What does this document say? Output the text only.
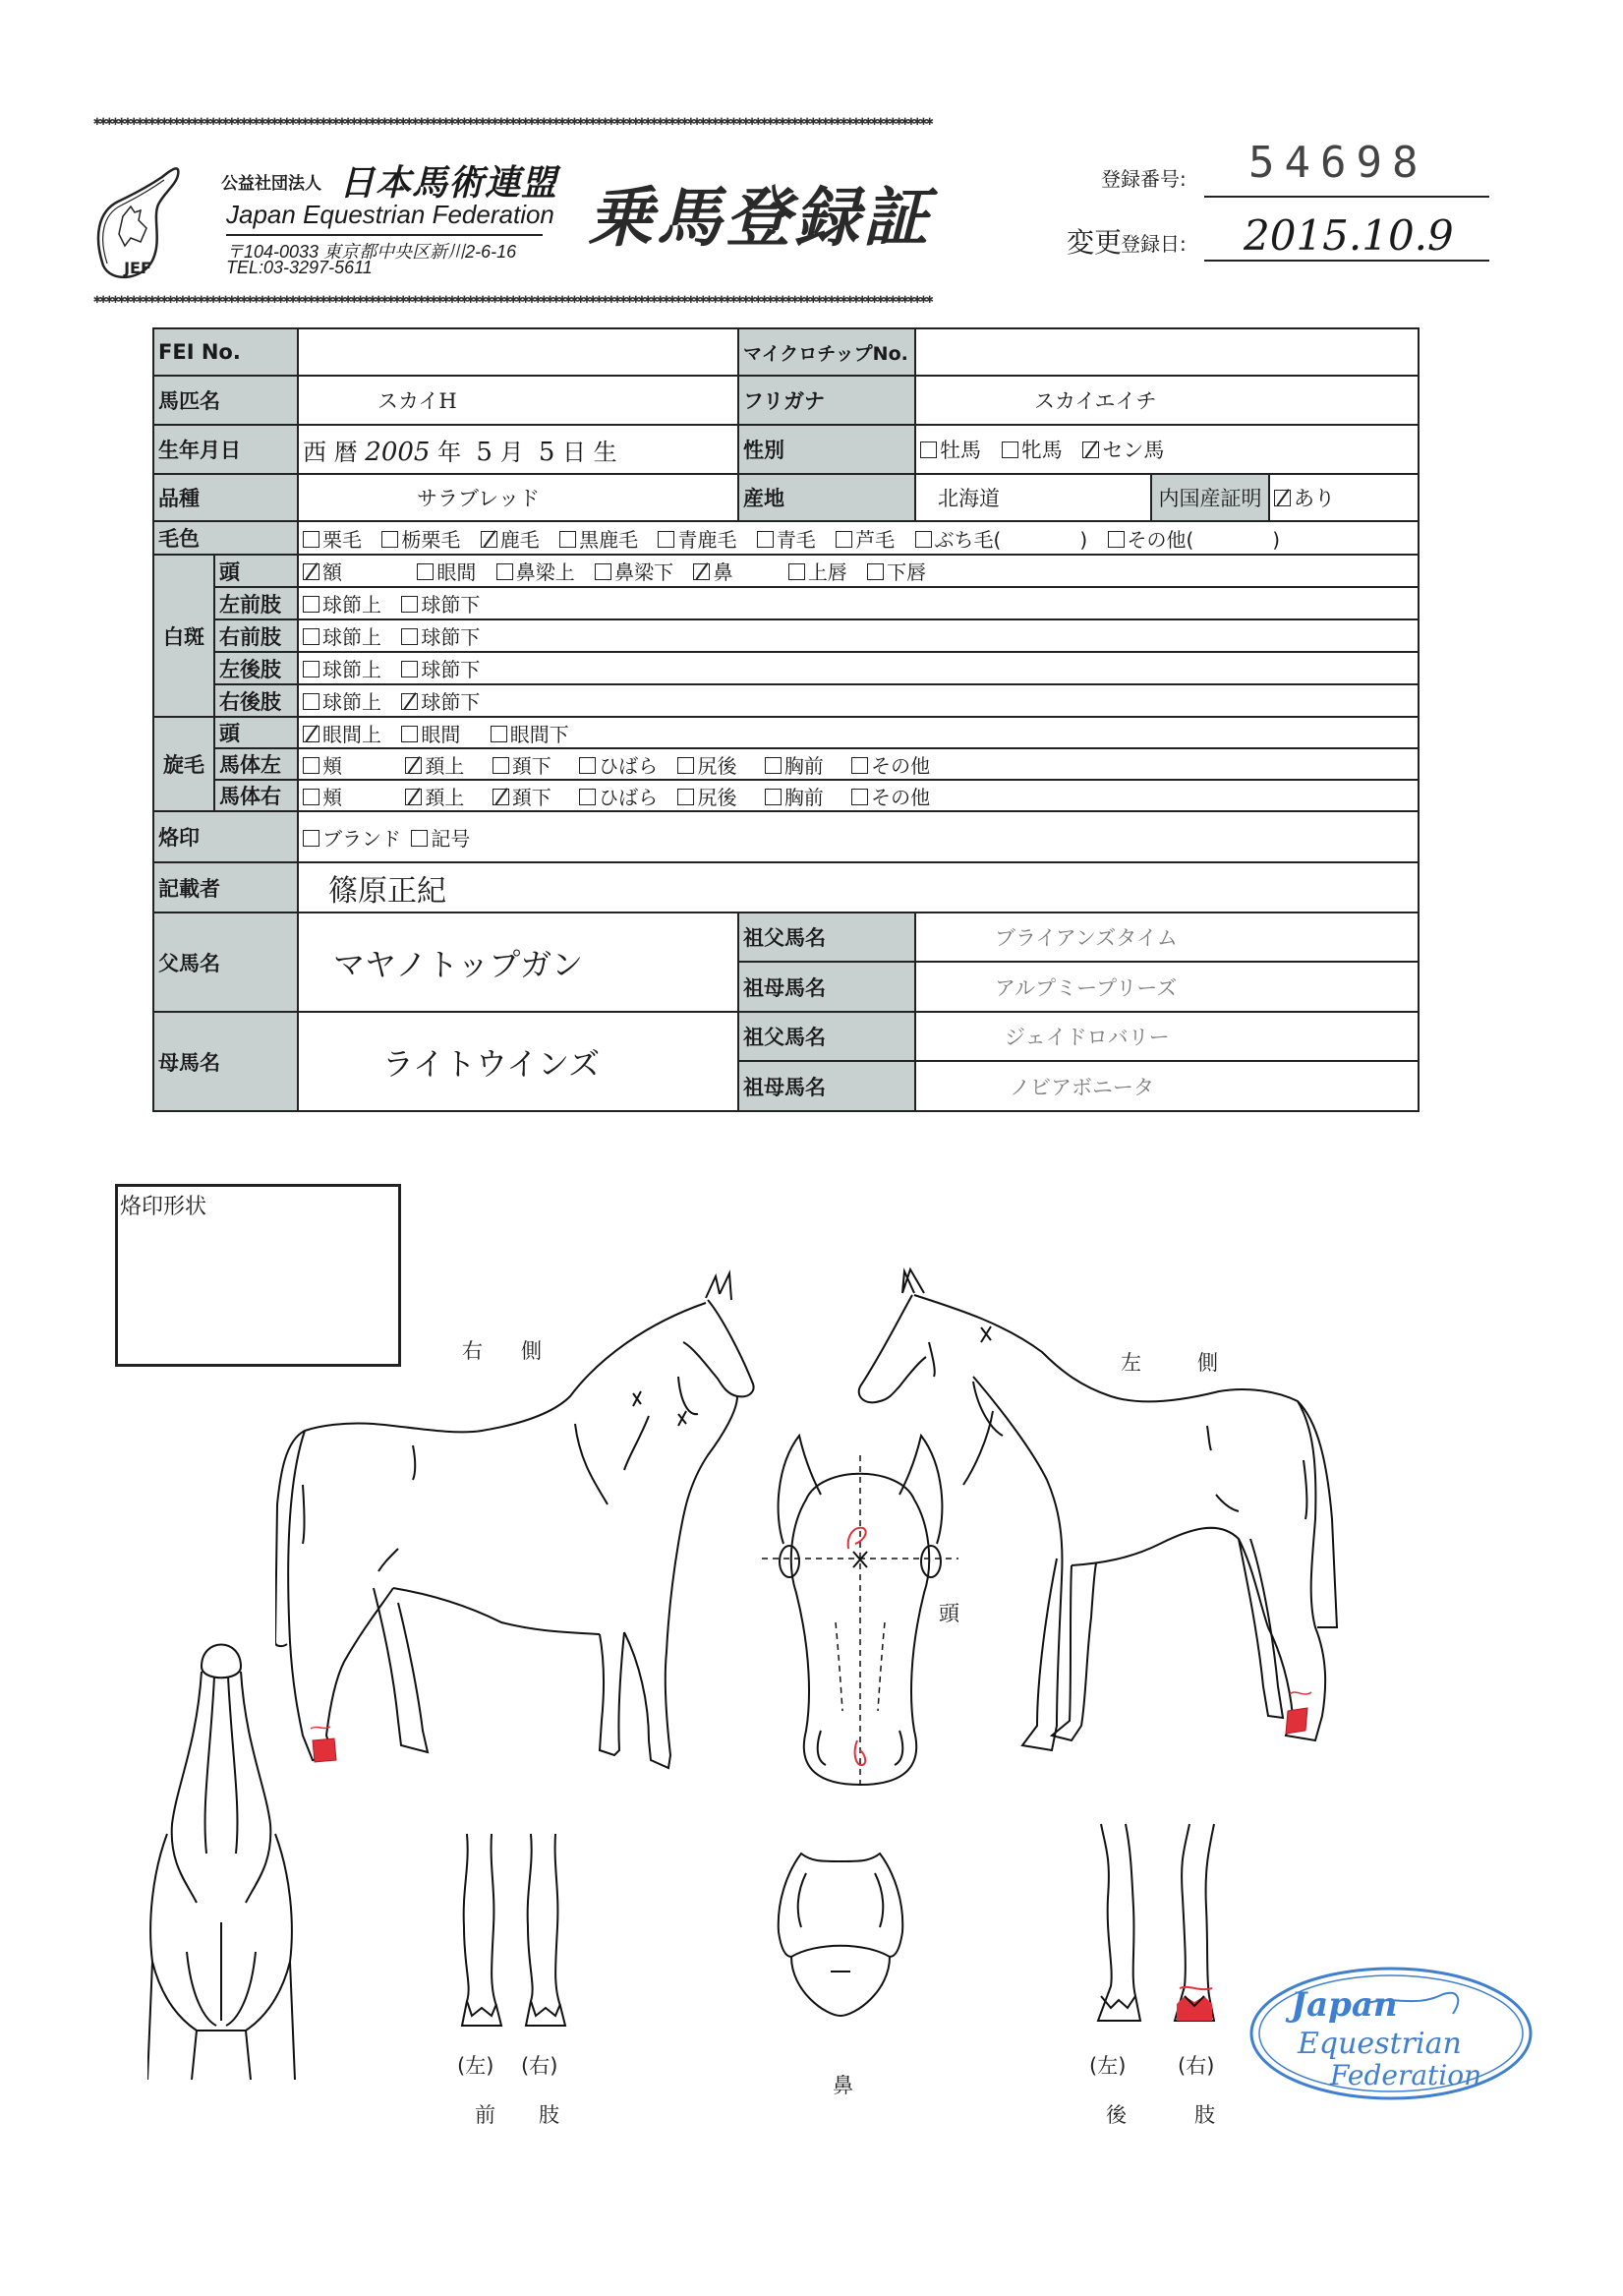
✱✱✱✱✱✱✱✱✱✱✱✱✱✱✱✱✱✱✱✱✱✱✱✱✱✱✱✱✱✱✱✱✱✱✱✱✱✱✱✱✱✱✱✱✱✱✱✱✱✱✱✱✱✱✱✱✱✱✱✱✱✱✱✱✱✱✱✱✱✱✱✱✱✱✱✱✱✱✱✱✱✱✱✱✱✱✱✱✱✱✱✱✱✱✱✱✱✱✱✱✱✱✱✱✱✱✱✱✱✱✱✱✱✱✱✱✱✱✱✱✱✱✱✱✱✱✱✱✱✱✱✱✱✱✱✱✱
✱✱✱✱✱✱✱✱✱✱✱✱✱✱✱✱✱✱✱✱✱✱✱✱✱✱✱✱✱✱✱✱✱✱✱✱✱✱✱✱✱✱✱✱✱✱✱✱✱✱✱✱✱✱✱✱✱✱✱✱✱✱✱✱✱✱✱✱✱✱✱✱✱✱✱✱✱✱✱✱✱✱✱✱✱✱✱✱✱✱✱✱✱✱✱✱✱✱✱✱✱✱✱✱✱✱✱✱✱✱✱✱✱✱✱✱✱✱✱✱✱✱✱✱✱✱✱✱✱✱✱✱✱✱✱✱✱
JEF
公益社団法人 日本馬術連盟
Japan Equestrian Federation
〒104-0033 東京都中央区新川2-6-16
TEL:03-3297-5611
乗馬登録証
登録番号: 54698
変更
登録日: 2015.10.9
FEI No.			マイクロチップNo.			
馬匹名		スカイH	フリガナ	スカイエイチ		
生年月日		西 暦 2005 年 5 月 5 日 生	性別	牡馬 牝馬 セン馬		
品種		サラブレッド	産地	北海道	内国産証明	あり
毛色		栗毛 栃栗毛 鹿毛 黒鹿毛 青鹿毛 青毛 芦毛 ぶち毛(　　　　) その他(　　　　)				
白斑	頭	額 眼間 鼻梁上 鼻梁下 鼻 上唇 下唇				
	左前肢	球節上 球節下				
	右前肢	球節上 球節下				
	左後肢	球節上 球節下				
	右後肢	球節上 球節下				
旋毛	頭	眼間上 眼間 眼間下				
	馬体左	頬 頚上 頚下 ひばら 尻後 胸前 その他				
	馬体右	頬 頚上 頚下 ひばら 尻後 胸前 その他				
烙印		ブランド 記号				
記載者		篠原正紀				
父馬名		マヤノトップガン	祖父馬名	ブライアンズタイム		
			祖母馬名	アルプミープリーズ		
母馬名		ライトウインズ	祖父馬名	ジェイドロバリー		
			祖母馬名	ノビアボニータ		
烙印形状
右 側	左	側
頭
(左) (右)
前 肢
鼻
(左)	(右)
後	肢
Japan
Equestrian
Federation
